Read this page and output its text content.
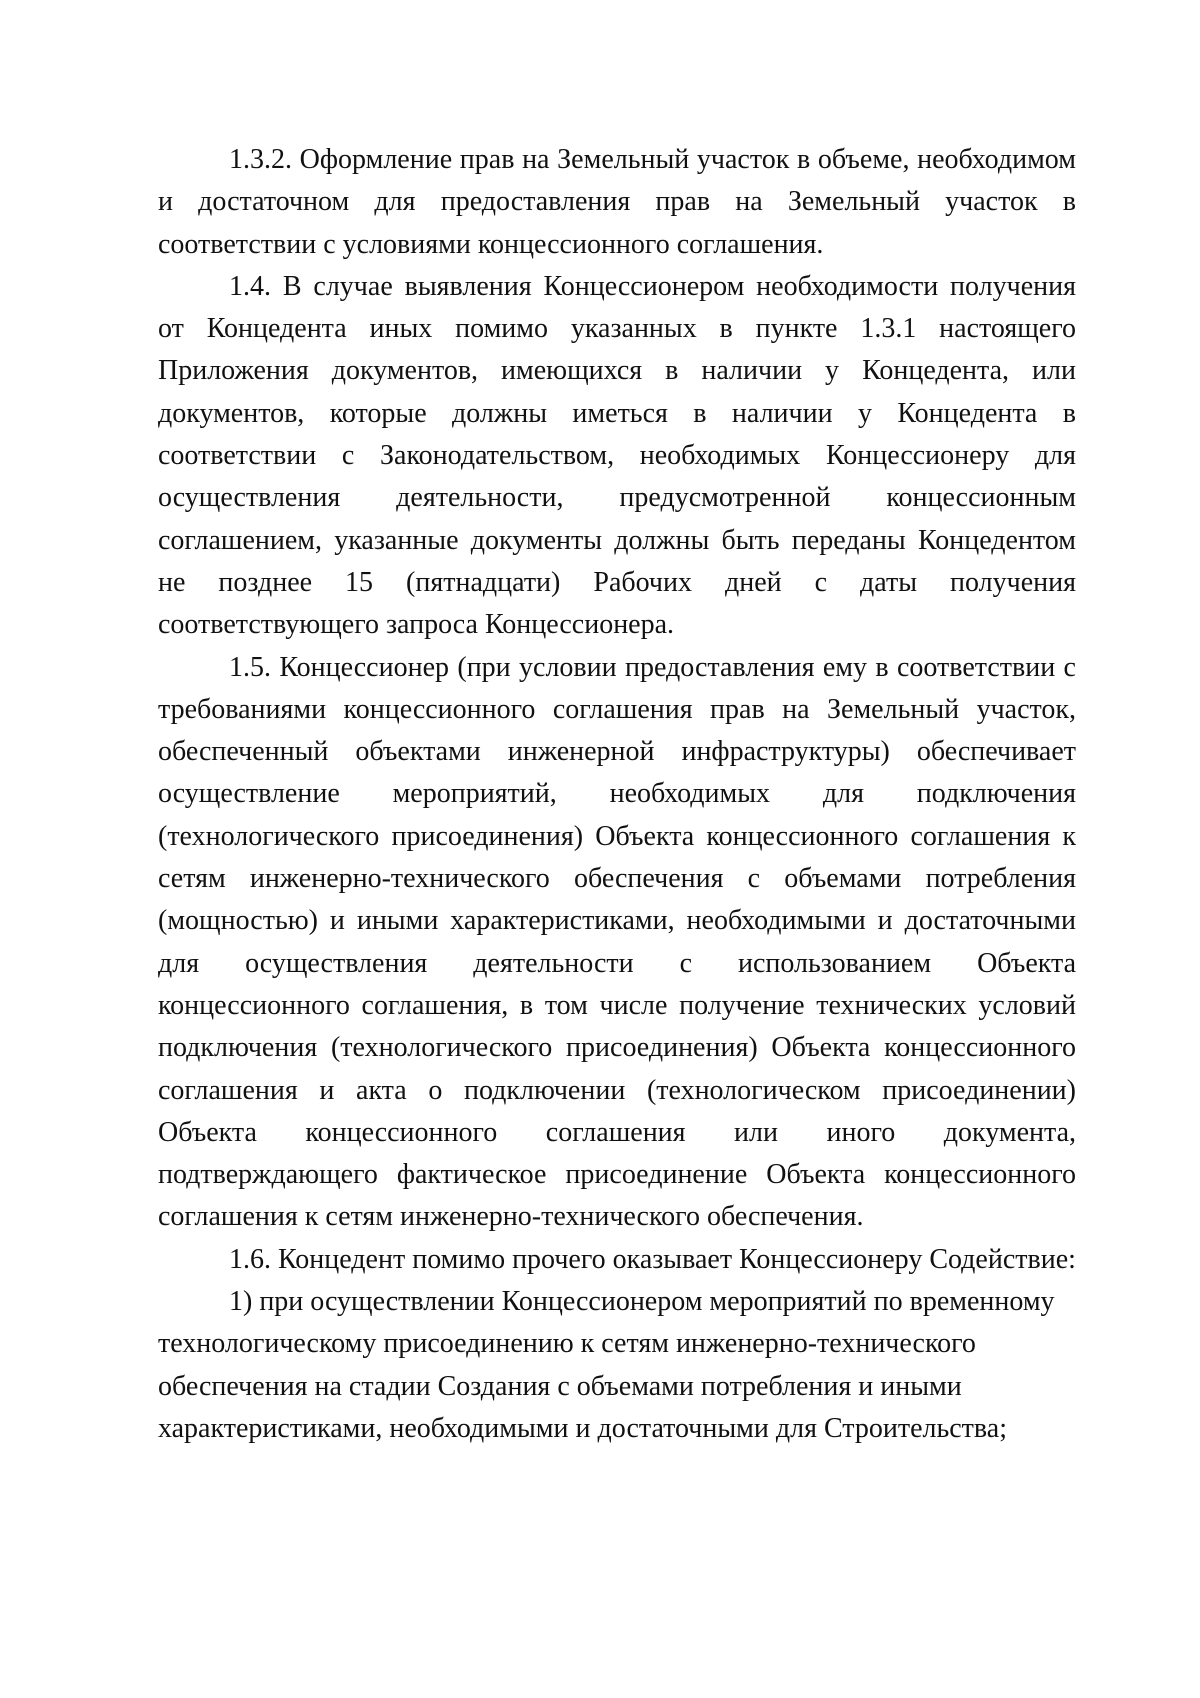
1.3.2. Оформление прав на Земельный участок в объеме, необходимом и достаточном для предоставления прав на Земельный участок в соответствии с условиями концессионного соглашения.

1.4. В случае выявления Концессионером необходимости получения от Концедента иных помимо указанных в пункте 1.3.1 настоящего Приложения документов, имеющихся в наличии у Концедента, или документов, которые должны иметься в наличии у Концедента в соответствии с Законодательством, необходимых Концессионеру для осуществления деятельности, предусмотренной концессионным соглашением, указанные документы должны быть переданы Концедентом не позднее 15 (пятнадцати) Рабочих дней с даты получения соответствующего запроса Концессионера.

1.5. Концессионер (при условии предоставления ему в соответствии с требованиями концессионного соглашения прав на Земельный участок, обеспеченный объектами инженерной инфраструктуры) обеспечивает осуществление мероприятий, необходимых для подключения (технологического присоединения) Объекта концессионного соглашения к сетям инженерно-технического обеспечения с объемами потребления (мощностью) и иными характеристиками, необходимыми и достаточными для осуществления деятельности с использованием Объекта концессионного соглашения, в том числе получение технических условий подключения (технологического присоединения) Объекта концессионного соглашения и акта о подключении (технологическом присоединении) Объекта концессионного соглашения или иного документа, подтверждающего фактическое присоединение Объекта концессионного соглашения к сетям инженерно-технического обеспечения.

1.6. Концедент помимо прочего оказывает Концессионеру Содействие:

1) при осуществлении Концессионером мероприятий по временному технологическому присоединению к сетям инженерно-технического обеспечения на стадии Создания с объемами потребления и иными характеристиками, необходимыми и достаточными для Строительства;
